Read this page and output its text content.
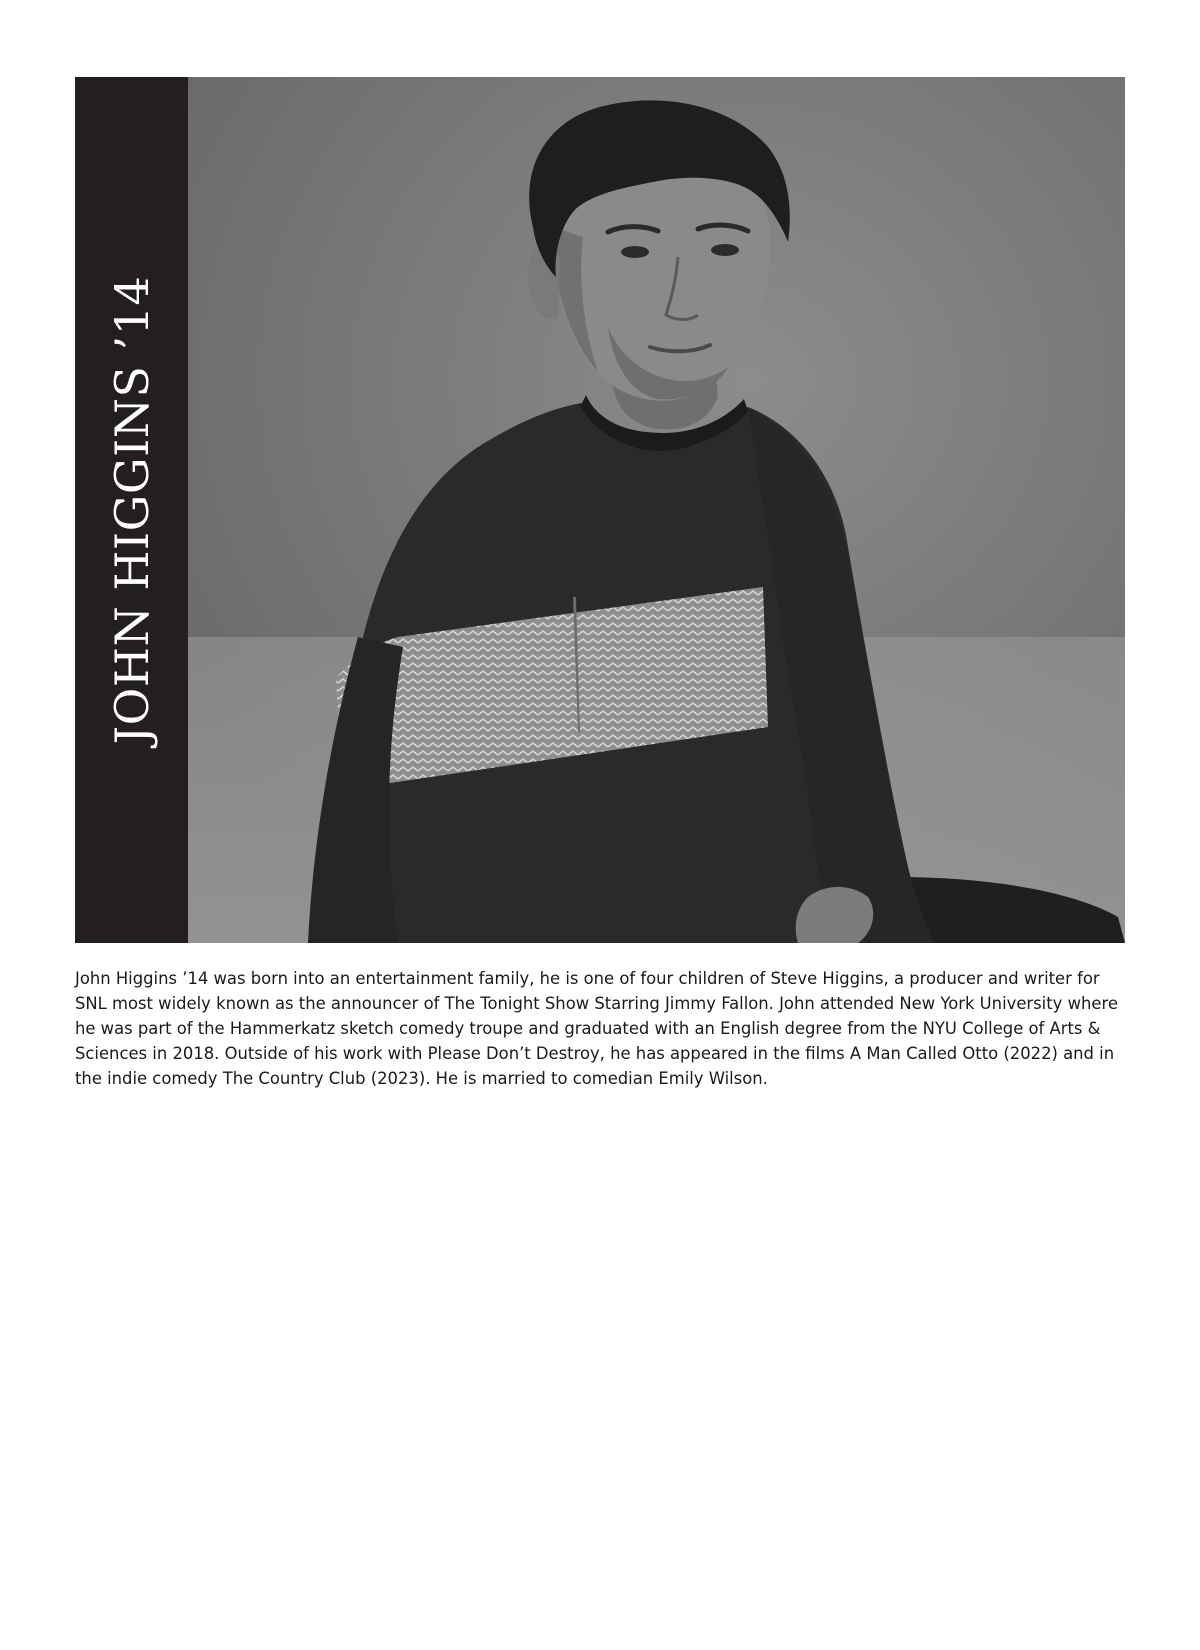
JOHN HIGGINS ’14

John Higgins ’14 was born into an entertainment family, he is one of four children of Steve Higgins, a producer and writer for SNL most widely known as the announcer of The Tonight Show Starring Jimmy Fallon. John attended New York University where he was part of the Hammerkatz sketch comedy troupe and graduated with an English degree from the NYU College of Arts & Sciences in 2018. Outside of his work with Please Don’t Destroy, he has appeared in the films A Man Called Otto (2022) and in the indie comedy The Country Club (2023). He is married to comedian Emily Wilson.
